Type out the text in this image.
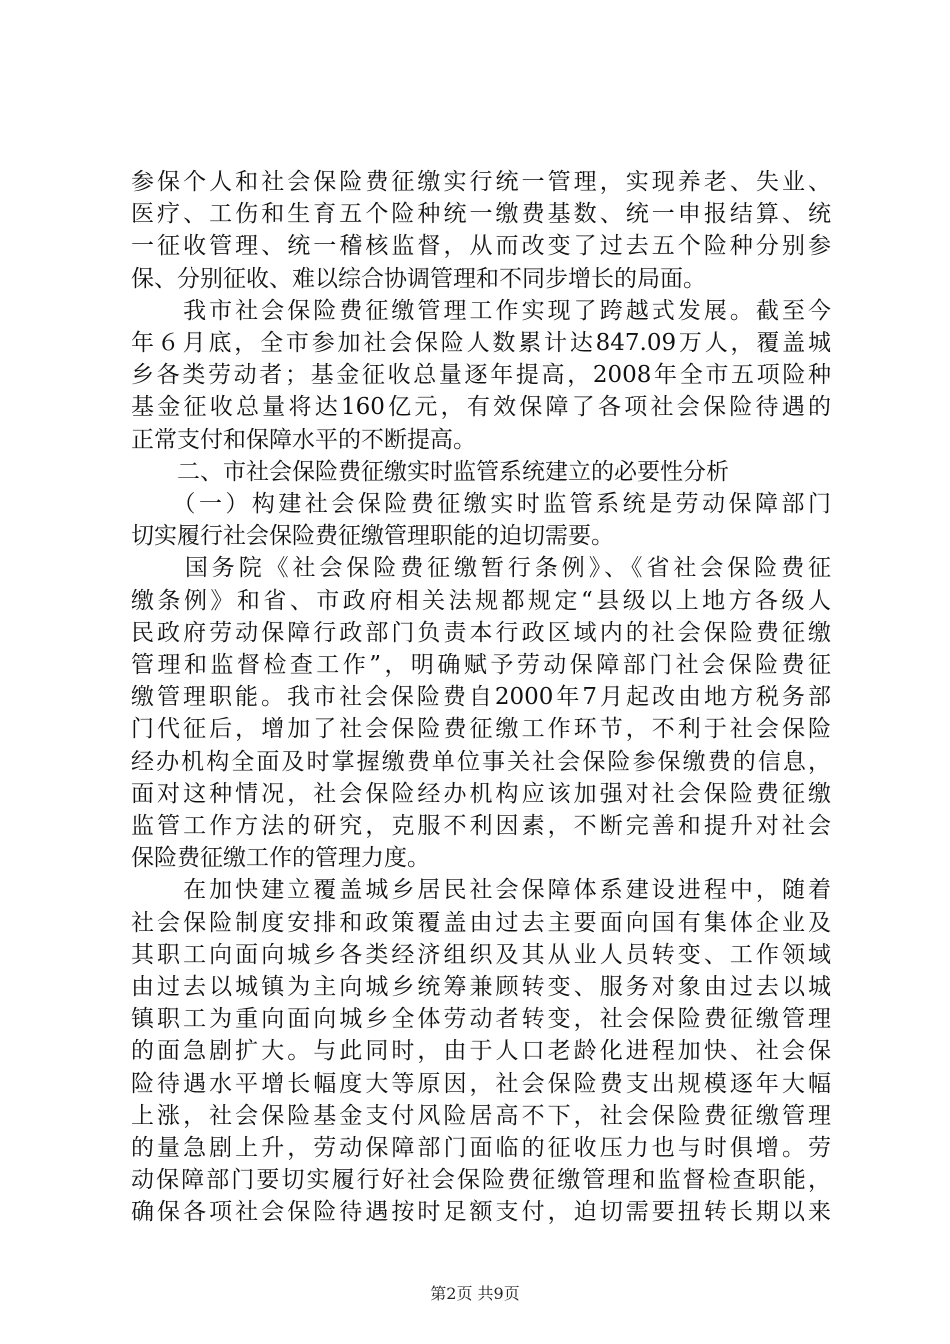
参保个人和社会保险费征缴实行统一管理，实现养老、失业、
医疗、工伤和生育五个险种统一缴费基数、统一申报结算、统
一征收管理、统一稽核监督，从而改变了过去五个险种分别参
保、分别征收、难以综合协调管理和不同步增长的局面。
　　我市社会保险费征缴管理工作实现了跨越式发展。截至今
年６月底，全市参加社会保险人数累计达847.09万人，覆盖城
乡各类劳动者；基金征收总量逐年提高，2008年全市五项险种
基金征收总量将达160亿元，有效保障了各项社会保险待遇的
正常支付和保障水平的不断提高。
　　二、市社会保险费征缴实时监管系统建立的必要性分析
　　（一）构建社会保险费征缴实时监管系统是劳动保障部门
切实履行社会保险费征缴管理职能的迫切需要。
　　国务院《社会保险费征缴暂行条例》、《省社会保险费征
缴条例》和省、市政府相关法规都规定“县级以上地方各级人
民政府劳动保障行政部门负责本行政区域内的社会保险费征缴
管理和监督检查工作”，明确赋予劳动保障部门社会保险费征
缴管理职能。我市社会保险费自2000年7月起改由地方税务部
门代征后，增加了社会保险费征缴工作环节，不利于社会保险
经办机构全面及时掌握缴费单位事关社会保险参保缴费的信息，
面对这种情况，社会保险经办机构应该加强对社会保险费征缴
监管工作方法的研究，克服不利因素，不断完善和提升对社会
保险费征缴工作的管理力度。
　　在加快建立覆盖城乡居民社会保障体系建设进程中，随着
社会保险制度安排和政策覆盖由过去主要面向国有集体企业及
其职工向面向城乡各类经济组织及其从业人员转变、工作领域
由过去以城镇为主向城乡统筹兼顾转变、服务对象由过去以城
镇职工为重向面向城乡全体劳动者转变，社会保险费征缴管理
的面急剧扩大。与此同时，由于人口老龄化进程加快、社会保
险待遇水平增长幅度大等原因，社会保险费支出规模逐年大幅
上涨，社会保险基金支付风险居高不下，社会保险费征缴管理
的量急剧上升，劳动保障部门面临的征收压力也与时俱增。劳
动保障部门要切实履行好社会保险费征缴管理和监督检查职能，
确保各项社会保险待遇按时足额支付，迫切需要扭转长期以来
第2页 共9页
